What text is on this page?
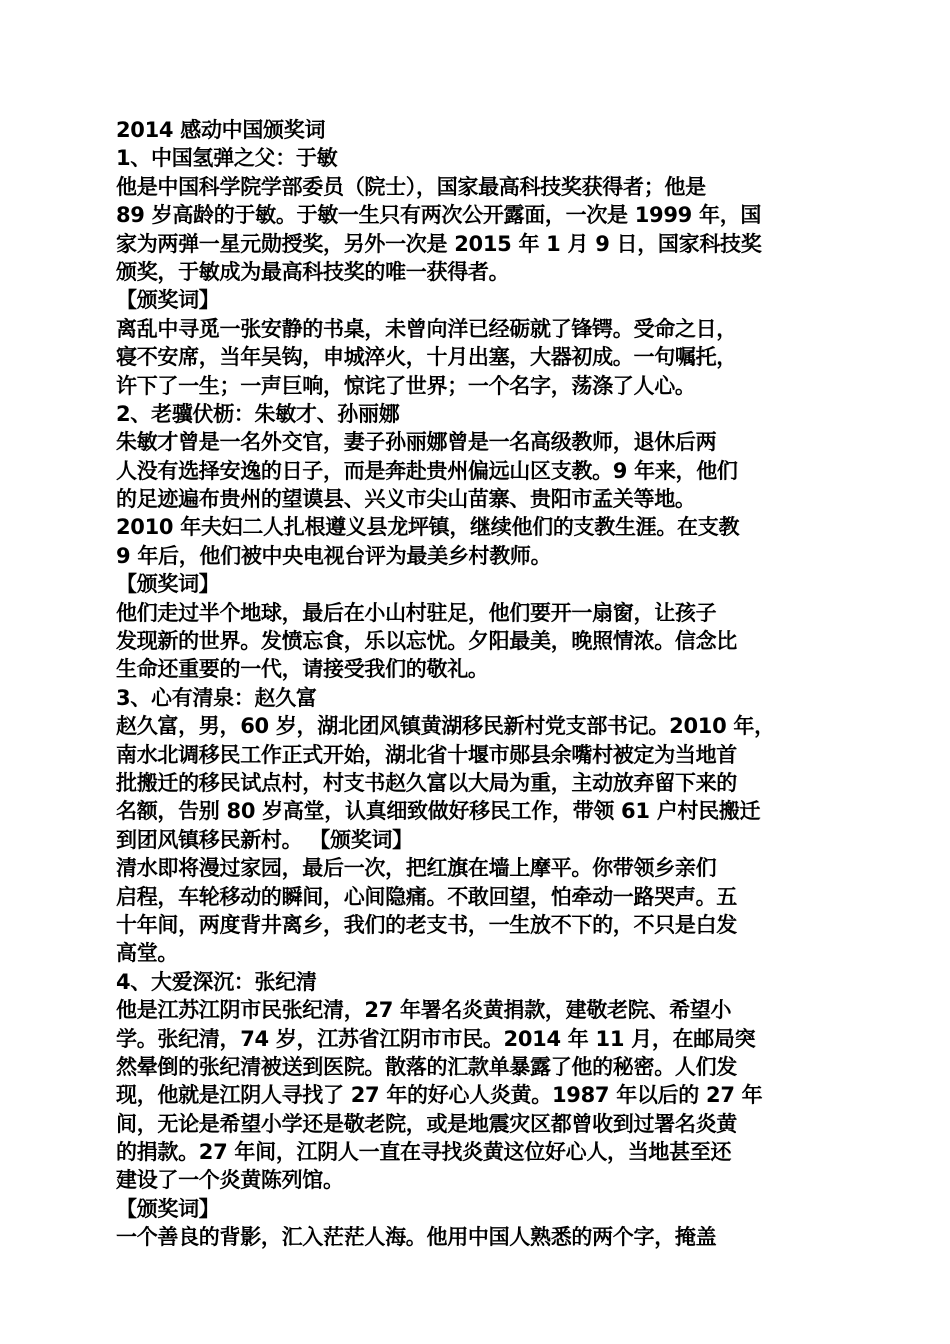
2014 感动中国颁奖词
1、中国氢弹之父：于敏
他是中国科学院学部委员（院士），国家最高科技奖获得者；他是
89 岁高龄的于敏。于敏一生只有两次公开露面，一次是 1999 年，国
家为两弹一星元勋授奖，另外一次是 2015 年 1 月 9 日，国家科技奖
颁奖，于敏成为最高科技奖的唯一获得者。
【颁奖词】
离乱中寻觅一张安静的书桌，未曾向洋已经砺就了锋锷。受命之日，
寝不安席，当年吴钩，申城淬火，十月出塞，大器初成。一句嘱托，
许下了一生；一声巨响，惊诧了世界；一个名字，荡涤了人心。
2、老骥伏枥：朱敏才、孙丽娜
朱敏才曾是一名外交官，妻子孙丽娜曾是一名高级教师，退休后两
人没有选择安逸的日子，而是奔赴贵州偏远山区支教。9 年来，他们
的足迹遍布贵州的望谟县、兴义市尖山苗寨、贵阳市孟关等地。
2010 年夫妇二人扎根遵义县龙坪镇，继续他们的支教生涯。在支教
9 年后，他们被中央电视台评为最美乡村教师。
【颁奖词】
他们走过半个地球，最后在小山村驻足，他们要开一扇窗，让孩子
发现新的世界。发愤忘食，乐以忘忧。夕阳最美，晚照情浓。信念比
生命还重要的一代，请接受我们的敬礼。
3、心有清泉：赵久富
赵久富，男，60 岁，湖北团风镇黄湖移民新村党支部书记。2010 年，
南水北调移民工作正式开始，湖北省十堰市郧县余嘴村被定为当地首
批搬迁的移民试点村，村支书赵久富以大局为重，主动放弃留下来的
名额，告别 80 岁高堂，认真细致做好移民工作，带领 61 户村民搬迁
到团风镇移民新村。 【颁奖词】
清水即将漫过家园，最后一次，把红旗在墙上摩平。你带领乡亲们
启程，车轮移动的瞬间，心间隐痛。不敢回望，怕牵动一路哭声。五
十年间，两度背井离乡，我们的老支书，一生放不下的，不只是白发
高堂。
4、大爱深沉：张纪清
他是江苏江阴市民张纪清，27 年署名炎黄捐款，建敬老院、希望小
学。张纪清，74 岁，江苏省江阴市市民。2014 年 11 月，在邮局突
然晕倒的张纪清被送到医院。散落的汇款单暴露了他的秘密。人们发
现，他就是江阴人寻找了 27 年的好心人炎黄。1987 年以后的 27 年
间，无论是希望小学还是敬老院，或是地震灾区都曾收到过署名炎黄
的捐款。27 年间，江阴人一直在寻找炎黄这位好心人，当地甚至还
建设了一个炎黄陈列馆。
【颁奖词】
一个善良的背影，汇入茫茫人海。他用中国人熟悉的两个字，掩盖
